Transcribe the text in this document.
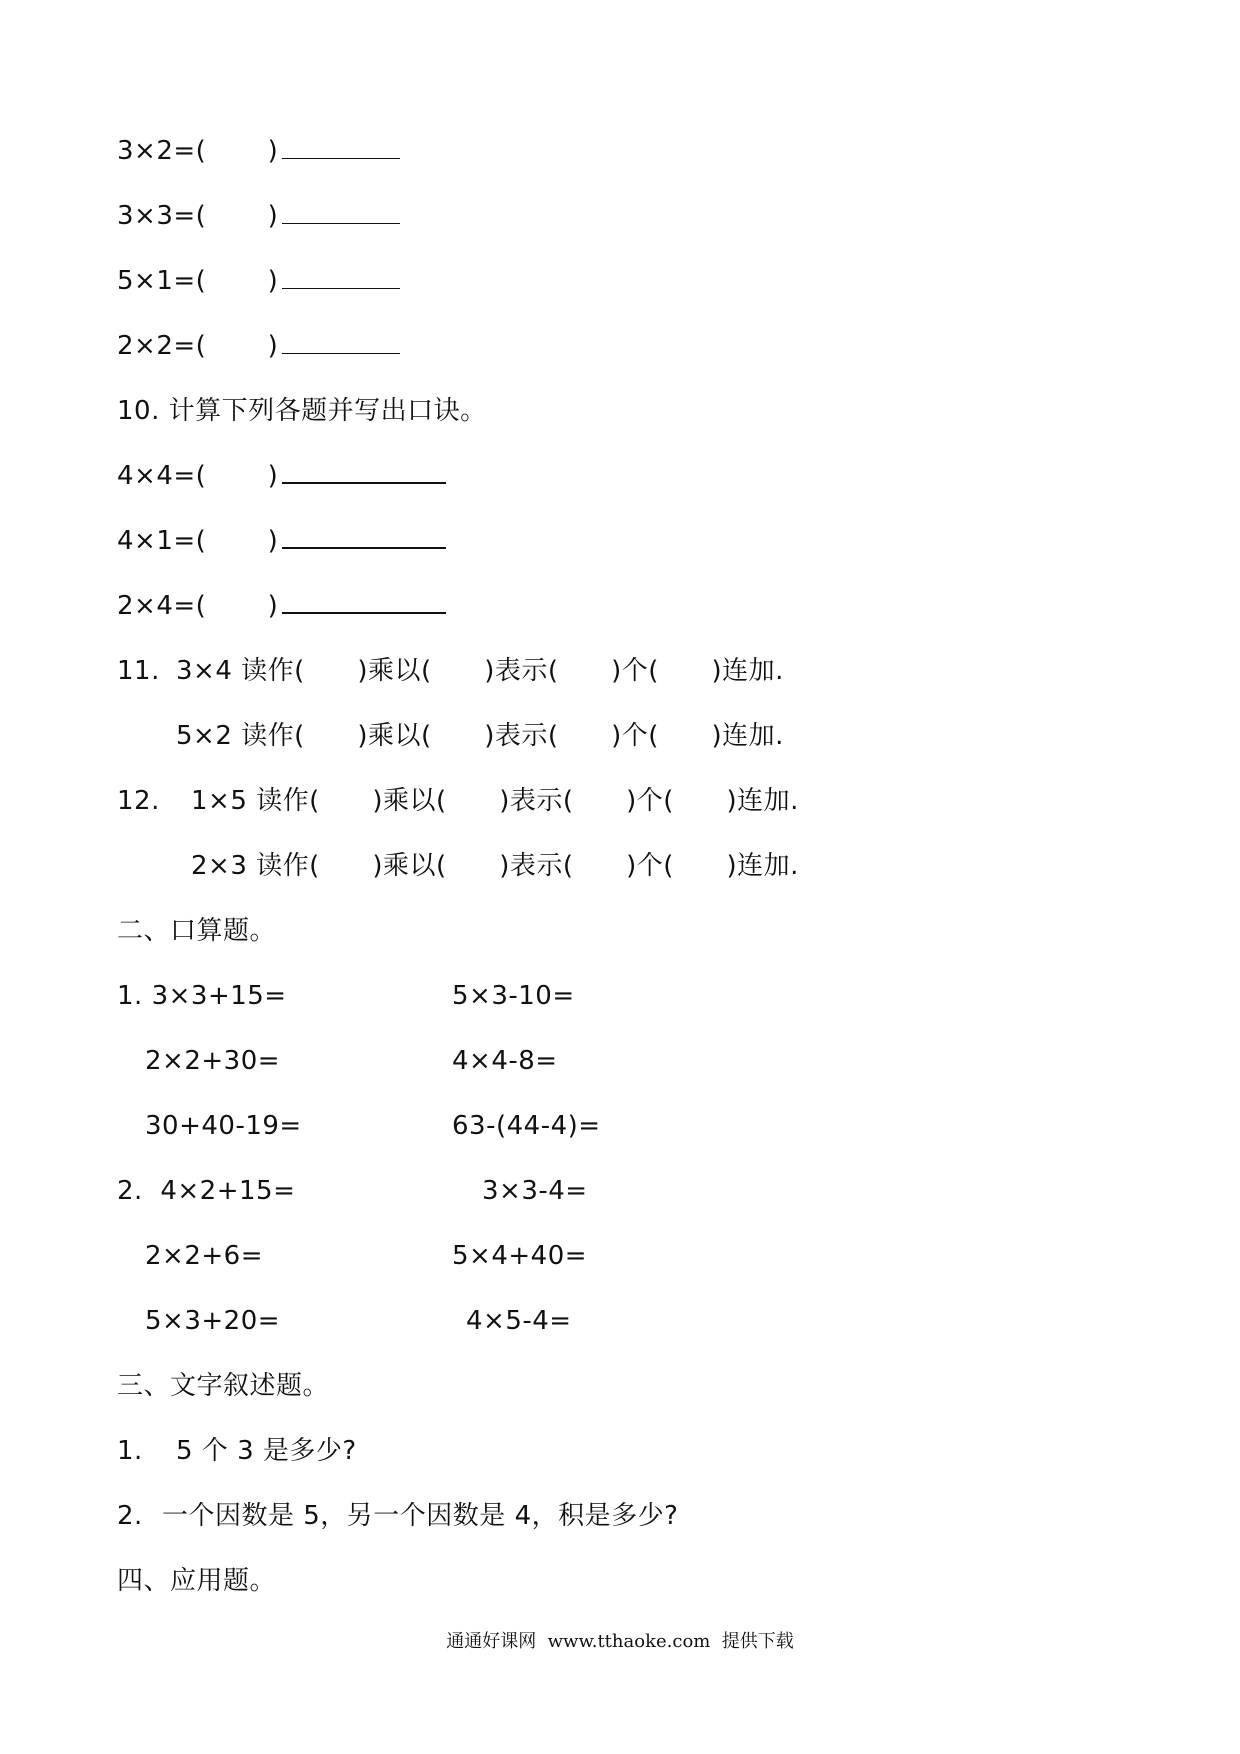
3×2=( )
3×3=( )
5×1=( )
2×2=( )
10. 计算下列各题并写出口诀。
4×4=( )
4×1=( )
2×4=( )
11. 3×4 读作(      )乘以(      )表示(      )个(      )连加.
5×2 读作(      )乘以(      )表示(      )个(      )连加.
12. 1×5 读作(      )乘以(      )表示(      )个(      )连加.
2×3 读作(      )乘以(      )表示(      )个(      )连加.
二、口算题。
1. 3×3+15=	5×3-10=
2×2+30=	4×4-8=
30+40-19=	63-(44-4)=
2.  4×2+15=	3×3-4=
2×2+6=	5×4+40=
5×3+20=	4×5-4=
三、文字叙述题。
1. 5 个 3 是多少?
2. 一个因数是 5，另一个因数是 4，积是多少?
四、应用题。
通通好课网  www.tthaoke.com  提供下载
